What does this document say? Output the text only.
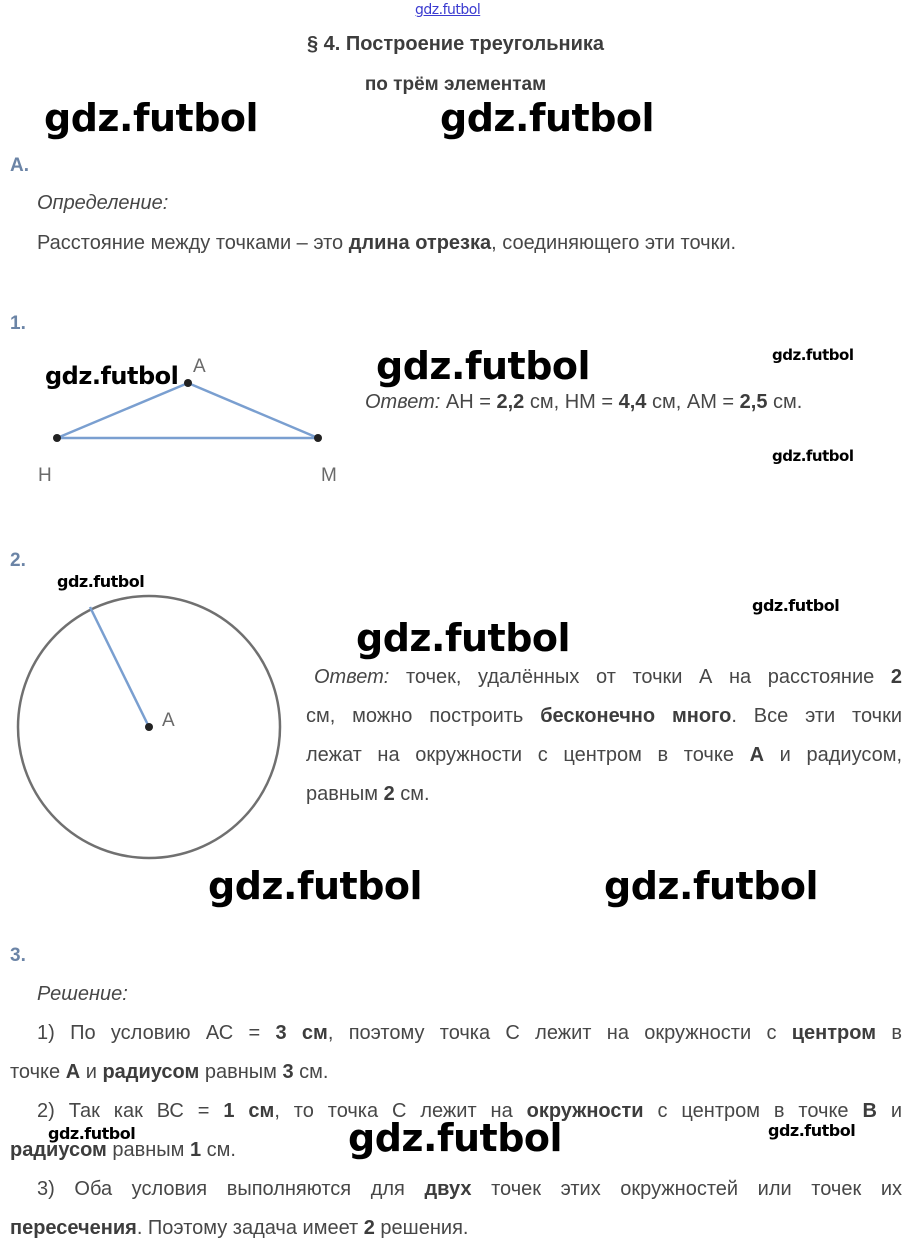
gdz.futbol
§ 4. Построение треугольника
по трём элементам
gdz.futbol	gdz.futbol
A.
Определение:
Расстояние между точками – это длина отрезка, соединяющего эти точки.
1.
gdz.futbol	gdz.futbol	gdz.futbol
gdz.futbol
A
H	M
Ответ: AH = 2,2 см, HM = 4,4 см, AM = 2,5 см.
2.
gdz.futbol
gdz.futbol
gdz.futbol
A
Ответ: точек, удалённых от точки А на расстояние 2
см, можно построить бесконечно много. Все эти точки
лежат на окружности с центром в точке А и радиусом,
равным 2 см.
gdz.futbol	gdz.futbol
3.
Решение:
1) По условию АС = 3 см, поэтому точка С лежит на окружности с центром в
точке А и радиусом равным 3 см.
2) Так как ВС = 1 см, то точка С лежит на окружности с центром в точке В и
радиусом равным 1 см.
3) Оба условия выполняются для двух точек этих окружностей или точек их
пересечения. Поэтому задача имеет 2 решения.
gdz.futbol	gdz.futbol	gdz.futbol
